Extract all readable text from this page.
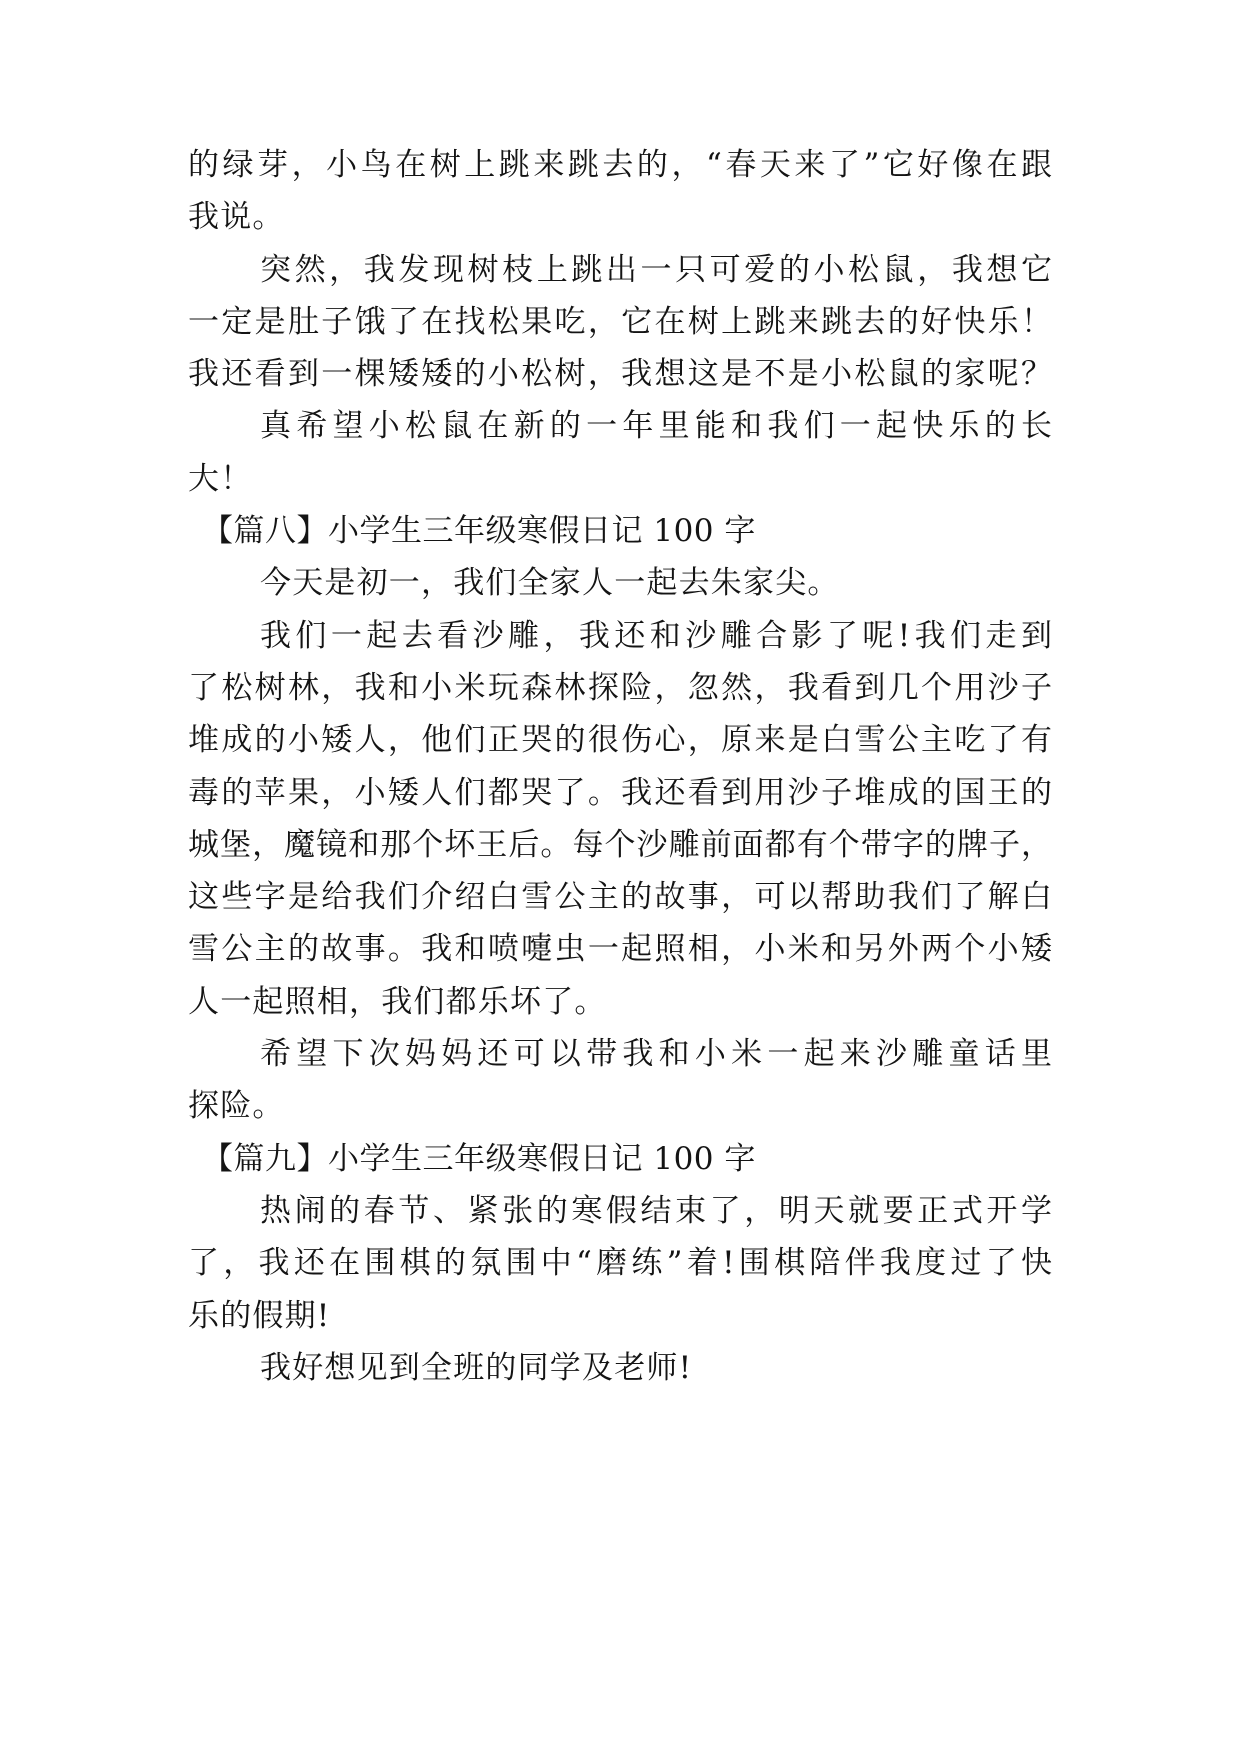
的绿芽，小鸟在树上跳来跳去的，“春天来了”它好像在跟
我说。
突然，我发现树枝上跳出一只可爱的小松鼠，我想它
一定是肚子饿了在找松果吃，它在树上跳来跳去的好快乐！
我还看到一棵矮矮的小松树，我想这是不是小松鼠的家呢？
真希望小松鼠在新的一年里能和我们一起快乐的长
大！
【篇八】小学生三年级寒假日记 100 字
今天是初一，我们全家人一起去朱家尖。
我们一起去看沙雕，我还和沙雕合影了呢!我们走到
了松树林，我和小米玩森林探险，忽然，我看到几个用沙子
堆成的小矮人，他们正哭的很伤心，原来是白雪公主吃了有
毒的苹果，小矮人们都哭了。我还看到用沙子堆成的国王的
城堡，魔镜和那个坏王后。每个沙雕前面都有个带字的牌子，
这些字是给我们介绍白雪公主的故事，可以帮助我们了解白
雪公主的故事。我和喷嚏虫一起照相，小米和另外两个小矮
人一起照相，我们都乐坏了。
希望下次妈妈还可以带我和小米一起来沙雕童话里
探险。
【篇九】小学生三年级寒假日记 100 字
热闹的春节、紧张的寒假结束了，明天就要正式开学
了，我还在围棋的氛围中“磨练”着!围棋陪伴我度过了快
乐的假期!
我好想见到全班的同学及老师!
